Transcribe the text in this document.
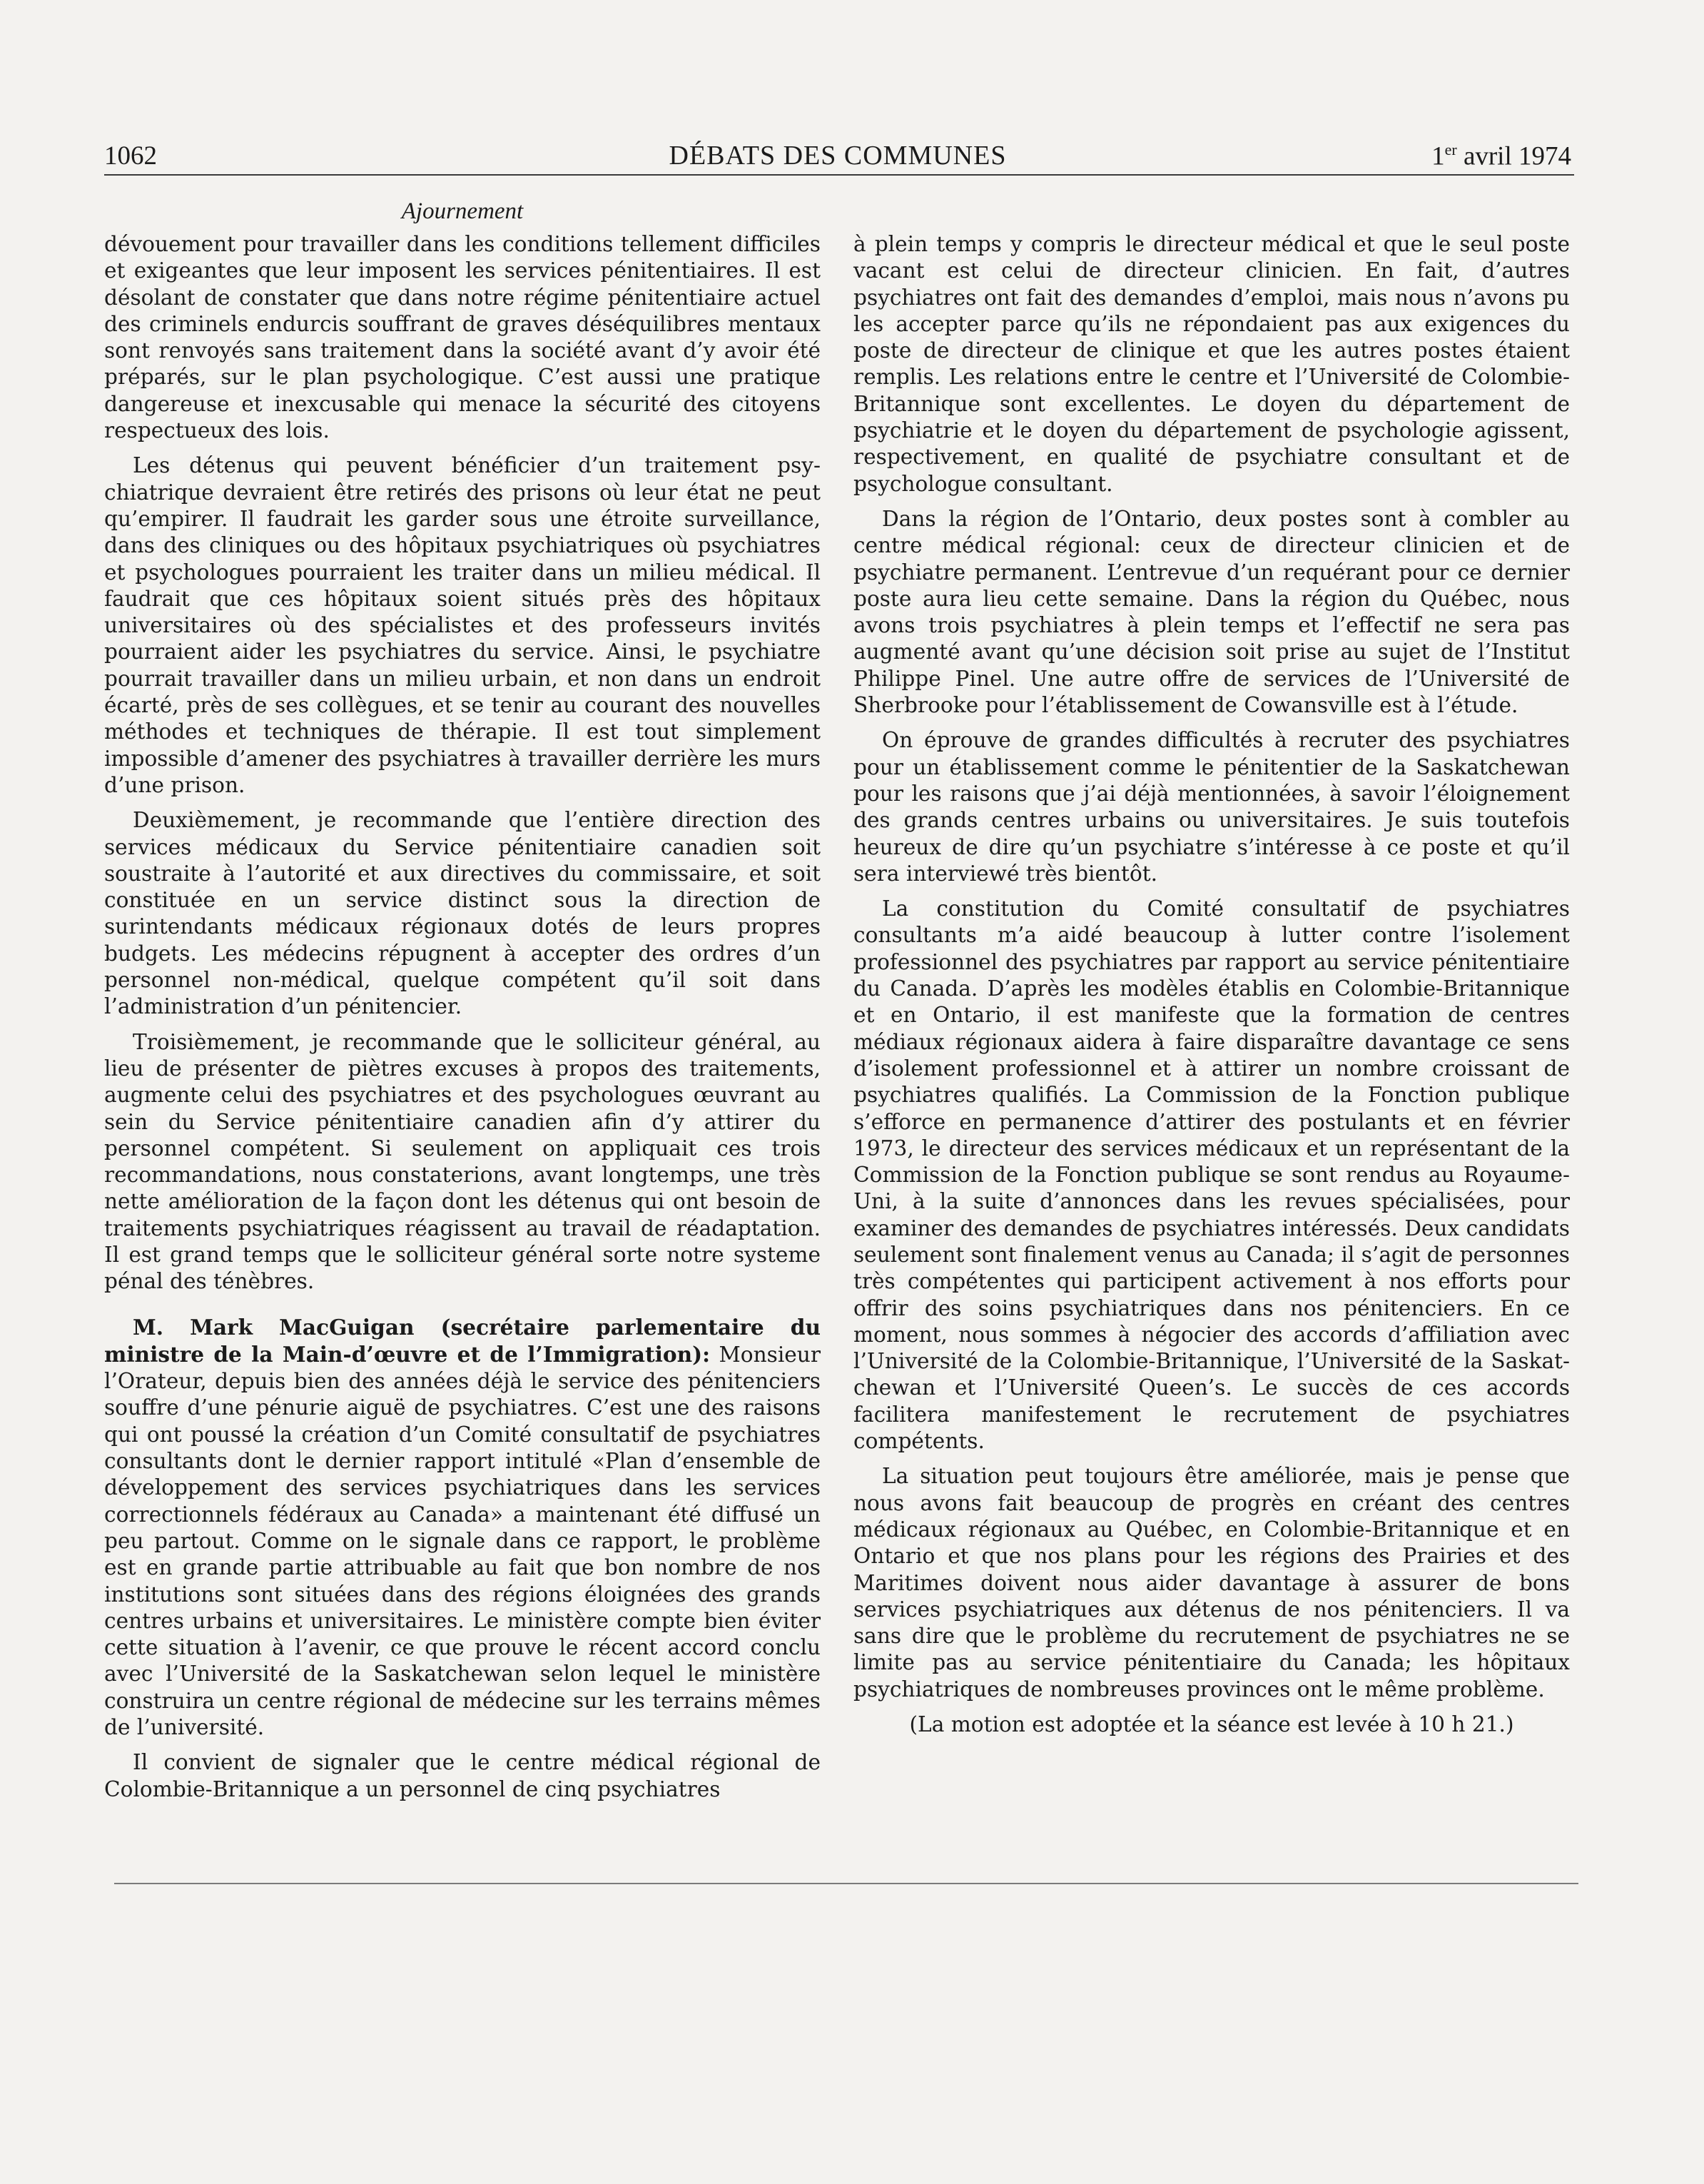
1062	DÉBATS DES COMMUNES	1er avril 1974
Ajournement

dévouement pour travailler dans les conditions tellement difficiles et exigeantes que leur imposent les services pénitentiaires. Il est désolant de constater que dans notre régime pénitentiaire actuel des criminels endurcis souffrant de graves déséquilibres mentaux sont renvoyés sans traitement dans la société avant d’y avoir été préparés, sur le plan psychologique. C’est aussi une pratique dangereuse et inexcusable qui menace la sécurité des citoyens respectueux des lois.

Les détenus qui peuvent bénéficier d’un traitement psychiatrique devraient être retirés des prisons où leur état ne peut qu’empirer. Il faudrait les garder sous une étroite surveillance, dans des cliniques ou des hôpitaux psychiatriques où psychiatres et psychologues pourraient les traiter dans un milieu médical. Il faudrait que ces hôpitaux soient situés près des hôpitaux universitaires où des spécialistes et des professeurs invités pourraient aider les psychiatres du service. Ainsi, le psychiatre pourrait travailler dans un milieu urbain, et non dans un endroit écarté, près de ses collègues, et se tenir au courant des nouvelles méthodes et techniques de thérapie. Il est tout simplement impossible d’amener des psychiatres à travailler derrière les murs d’une prison.

Deuxièmement, je recommande que l’entière direction des services médicaux du Service pénitentiaire canadien soit soustraite à l’autorité et aux directives du commissaire, et soit constituée en un service distinct sous la direction de surintendants médicaux régionaux dotés de leurs propres budgets. Les médecins répugnent à accepter des ordres d’un personnel non-médical, quelque compétent qu’il soit dans l’administration d’un pénitencier.

Troisièmement, je recommande que le solliciteur général, au lieu de présenter de piètres excuses à propos des traitements, augmente celui des psychiatres et des psychologues œuvrant au sein du Service pénitentiaire canadien afin d’y attirer du personnel compétent. Si seulement on appliquait ces trois recommandations, nous constaterions, avant longtemps, une très nette amélioration de la façon dont les détenus qui ont besoin de traitements psychiatriques réagissent au travail de réadaptation. Il est grand temps que le solliciteur général sorte notre systeme pénal des ténèbres.

M. Mark MacGuigan (secrétaire parlementaire du ministre de la Main-d’œuvre et de l’Immigration): Monsieur l’Orateur, depuis bien des années déjà le service des pénitenciers souffre d’une pénurie aiguë de psychiatres. C’est une des raisons qui ont poussé la création d’un Comité consultatif de psychiatres consultants dont le dernier rapport intitulé «Plan d’ensemble de développement des services psychiatriques dans les services correctionnels fédéraux au Canada» a maintenant été diffusé un peu partout. Comme on le signale dans ce rapport, le problème est en grande partie attribuable au fait que bon nombre de nos institutions sont situées dans des régions éloignées des grands centres urbains et universitaires. Le ministère compte bien éviter cette situation à l’avenir, ce que prouve le récent accord conclu avec l’Université de la Saskatchewan selon lequel le ministère construira un centre régional de médecine sur les terrains mêmes de l’université.

Il convient de signaler que le centre médical régional de Colombie-Britannique a un personnel de cinq psychiatres

à plein temps y compris le directeur médical et que le seul poste vacant est celui de directeur clinicien. En fait, d’autres psychiatres ont fait des demandes d’emploi, mais nous n’avons pu les accepter parce qu’ils ne répondaient pas aux exigences du poste de directeur de clinique et que les autres postes étaient remplis. Les relations entre le centre et l’Université de Colombie-Britannique sont excellentes. Le doyen du département de psychiatrie et le doyen du département de psychologie agissent, respectivement, en qualité de psychiatre consultant et de psychologue consultant.

Dans la région de l’Ontario, deux postes sont à combler au centre médical régional: ceux de directeur clinicien et de psychiatre permanent. L’entrevue d’un requérant pour ce dernier poste aura lieu cette semaine. Dans la région du Québec, nous avons trois psychiatres à plein temps et l’effectif ne sera pas augmenté avant qu’une décision soit prise au sujet de l’Institut Philippe Pinel. Une autre offre de services de l’Université de Sherbrooke pour l’établissement de Cowansville est à l’étude.

On éprouve de grandes difficultés à recruter des psychiatres pour un établissement comme le pénitentier de la Saskatchewan pour les raisons que j’ai déjà mentionnées, à savoir l’éloignement des grands centres urbains ou universitaires. Je suis toutefois heureux de dire qu’un psychiatre s’intéresse à ce poste et qu’il sera interviewé très bientôt.

La constitution du Comité consultatif de psychiatres consultants m’a aidé beaucoup à lutter contre l’isolement professionnel des psychiatres par rapport au service pénitentiaire du Canada. D’après les modèles établis en Colombie-Britannique et en Ontario, il est manifeste que la formation de centres médiaux régionaux aidera à faire disparaître davantage ce sens d’isolement professionnel et à attirer un nombre croissant de psychiatres qualifiés. La Commission de la Fonction publique s’efforce en permanence d’attirer des postulants et en février 1973, le directeur des services médicaux et un représentant de la Commission de la Fonction publique se sont rendus au Royaume-Uni, à la suite d’annonces dans les revues spécialisées, pour examiner des demandes de psychiatres intéressés. Deux candidats seulement sont finalement venus au Canada; il s’agit de personnes très compétentes qui participent activement à nos efforts pour offrir des soins psychiatriques dans nos pénitenciers. En ce moment, nous sommes à négocier des accords d’affiliation avec l’Université de la Colombie-Britannique, l’Université de la Saskatchewan et l’Université Queen’s. Le succès de ces accords facilitera manifestement le recrutement de psychiatres compétents.

La situation peut toujours être améliorée, mais je pense que nous avons fait beaucoup de progrès en créant des centres médicaux régionaux au Québec, en Colombie-Britannique et en Ontario et que nos plans pour les régions des Prairies et des Maritimes doivent nous aider davantage à assurer de bons services psychiatriques aux détenus de nos pénitenciers. Il va sans dire que le problème du recrutement de psychiatres ne se limite pas au service pénitentiaire du Canada; les hôpitaux psychiatriques de nombreuses provinces ont le même problème.

(La motion est adoptée et la séance est levée à 10 h 21.)
